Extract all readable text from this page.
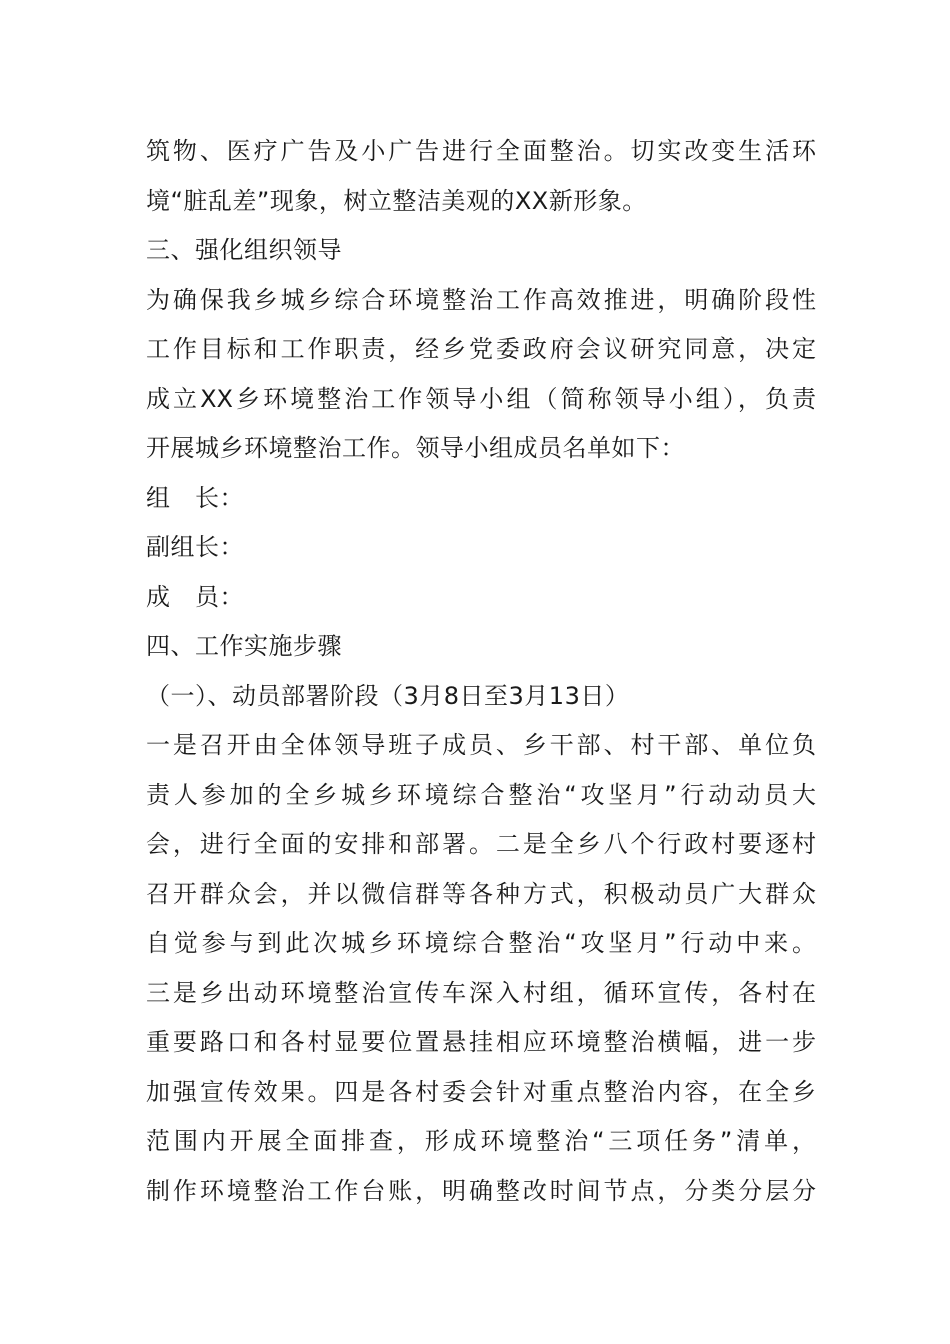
筑物、医疗广告及小广告进行全面整治。切实改变生活环
境“脏乱差”现象，树立整洁美观的XX新形象。
三、强化组织领导
为确保我乡城乡综合环境整治工作高效推进，明确阶段性
工作目标和工作职责，经乡党委政府会议研究同意，决定
成立XX乡环境整治工作领导小组（简称领导小组），负责
开展城乡环境整治工作。领导小组成员名单如下：
组　长：
副组长：
成　员：
四、工作实施步骤
（一）、动员部署阶段（3月8日至3月13日）
一是召开由全体领导班子成员、乡干部、村干部、单位负
责人参加的全乡城乡环境综合整治“攻坚月”行动动员大
会，进行全面的安排和部署。二是全乡八个行政村要逐村
召开群众会，并以微信群等各种方式，积极动员广大群众
自觉参与到此次城乡环境综合整治“攻坚月”行动中来。
三是乡出动环境整治宣传车深入村组，循环宣传，各村在
重要路口和各村显要位置悬挂相应环境整治横幅，进一步
加强宣传效果。四是各村委会针对重点整治内容，在全乡
范围内开展全面排查，形成环境整治“三项任务”清单，
制作环境整治工作台账，明确整改时间节点，分类分层分
